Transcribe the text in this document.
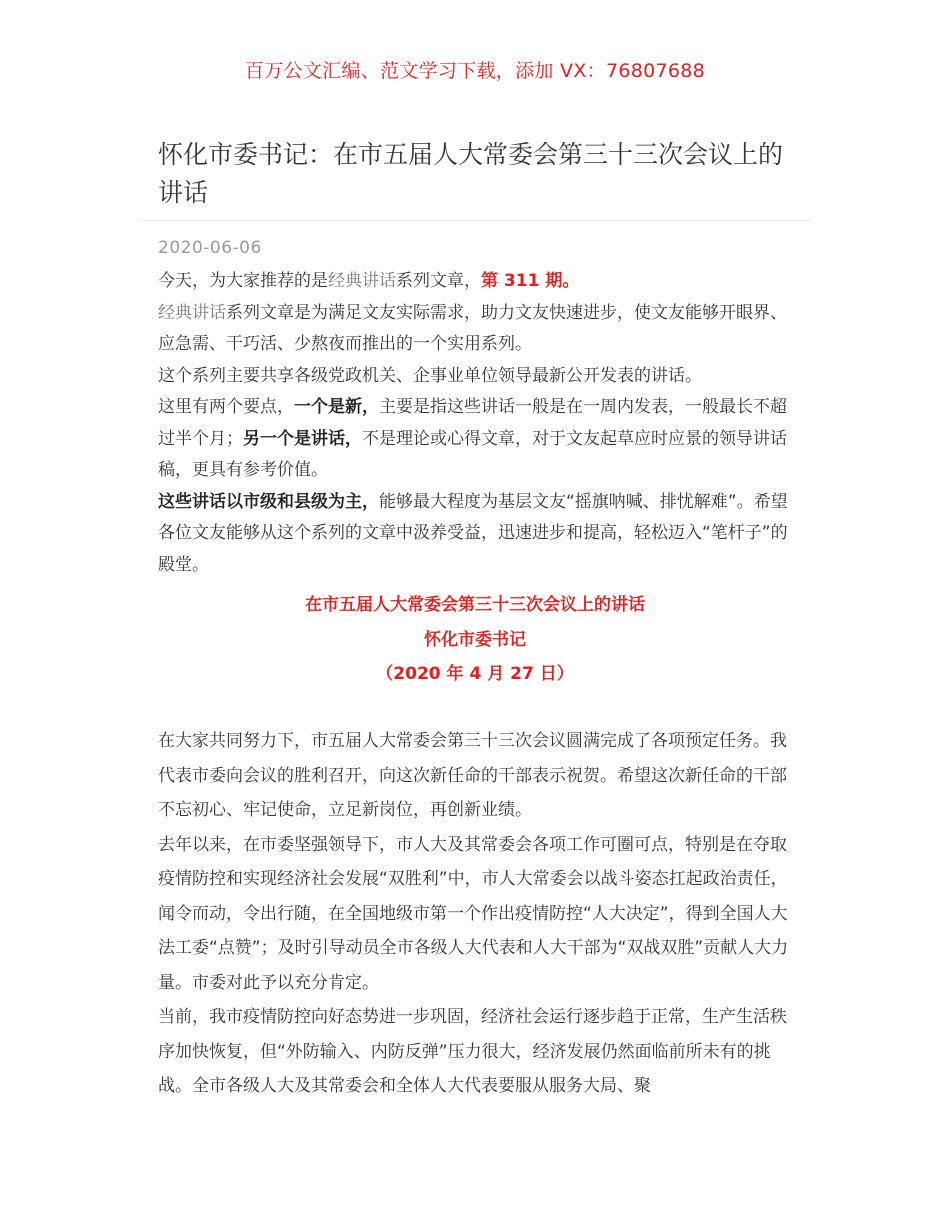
百万公文汇编、范文学习下载，添加 VX：76807688
怀化市委书记：在市五届人大常委会第三十三次会议上的讲话
2020-06-06

今天，为大家推荐的是经典讲话系列文章，第 311 期。

经典讲话系列文章是为满足文友实际需求，助力文友快速进步，使文友能够开眼界、应急需、干巧活、少熬夜而推出的一个实用系列。

这个系列主要共享各级党政机关、企事业单位领导最新公开发表的讲话。

这里有两个要点，一个是新，主要是指这些讲话一般是在一周内发表，一般最长不超过半个月；另一个是讲话，不是理论或心得文章，对于文友起草应时应景的领导讲话稿，更具有参考价值。

这些讲话以市级和县级为主，能够最大程度为基层文友“摇旗呐喊、排忧解难”。希望各位文友能够从这个系列的文章中汲养受益，迅速进步和提高，轻松迈入“笔杆子”的殿堂。

在市五届人大常委会第三十三次会议上的讲话
怀化市委书记
（2020 年 4 月 27 日）

在大家共同努力下，市五届人大常委会第三十三次会议圆满完成了各项预定任务。我代表市委向会议的胜利召开，向这次新任命的干部表示祝贺。希望这次新任命的干部不忘初心、牢记使命，立足新岗位，再创新业绩。

去年以来，在市委坚强领导下，市人大及其常委会各项工作可圈可点，特别是在夺取疫情防控和实现经济社会发展“双胜利”中，市人大常委会以战斗姿态扛起政治责任，闻令而动，令出行随，在全国地级市第一个作出疫情防控“人大决定”，得到全国人大法工委“点赞”；及时引导动员全市各级人大代表和人大干部为“双战双胜”贡献人大力量。市委对此予以充分肯定。

当前，我市疫情防控向好态势进一步巩固，经济社会运行逐步趋于正常，生产生活秩序加快恢复，但“外防输入、内防反弹”压力很大，经济发展仍然面临前所未有的挑战。全市各级人大及其常委会和全体人大代表要服从服务大局、聚
